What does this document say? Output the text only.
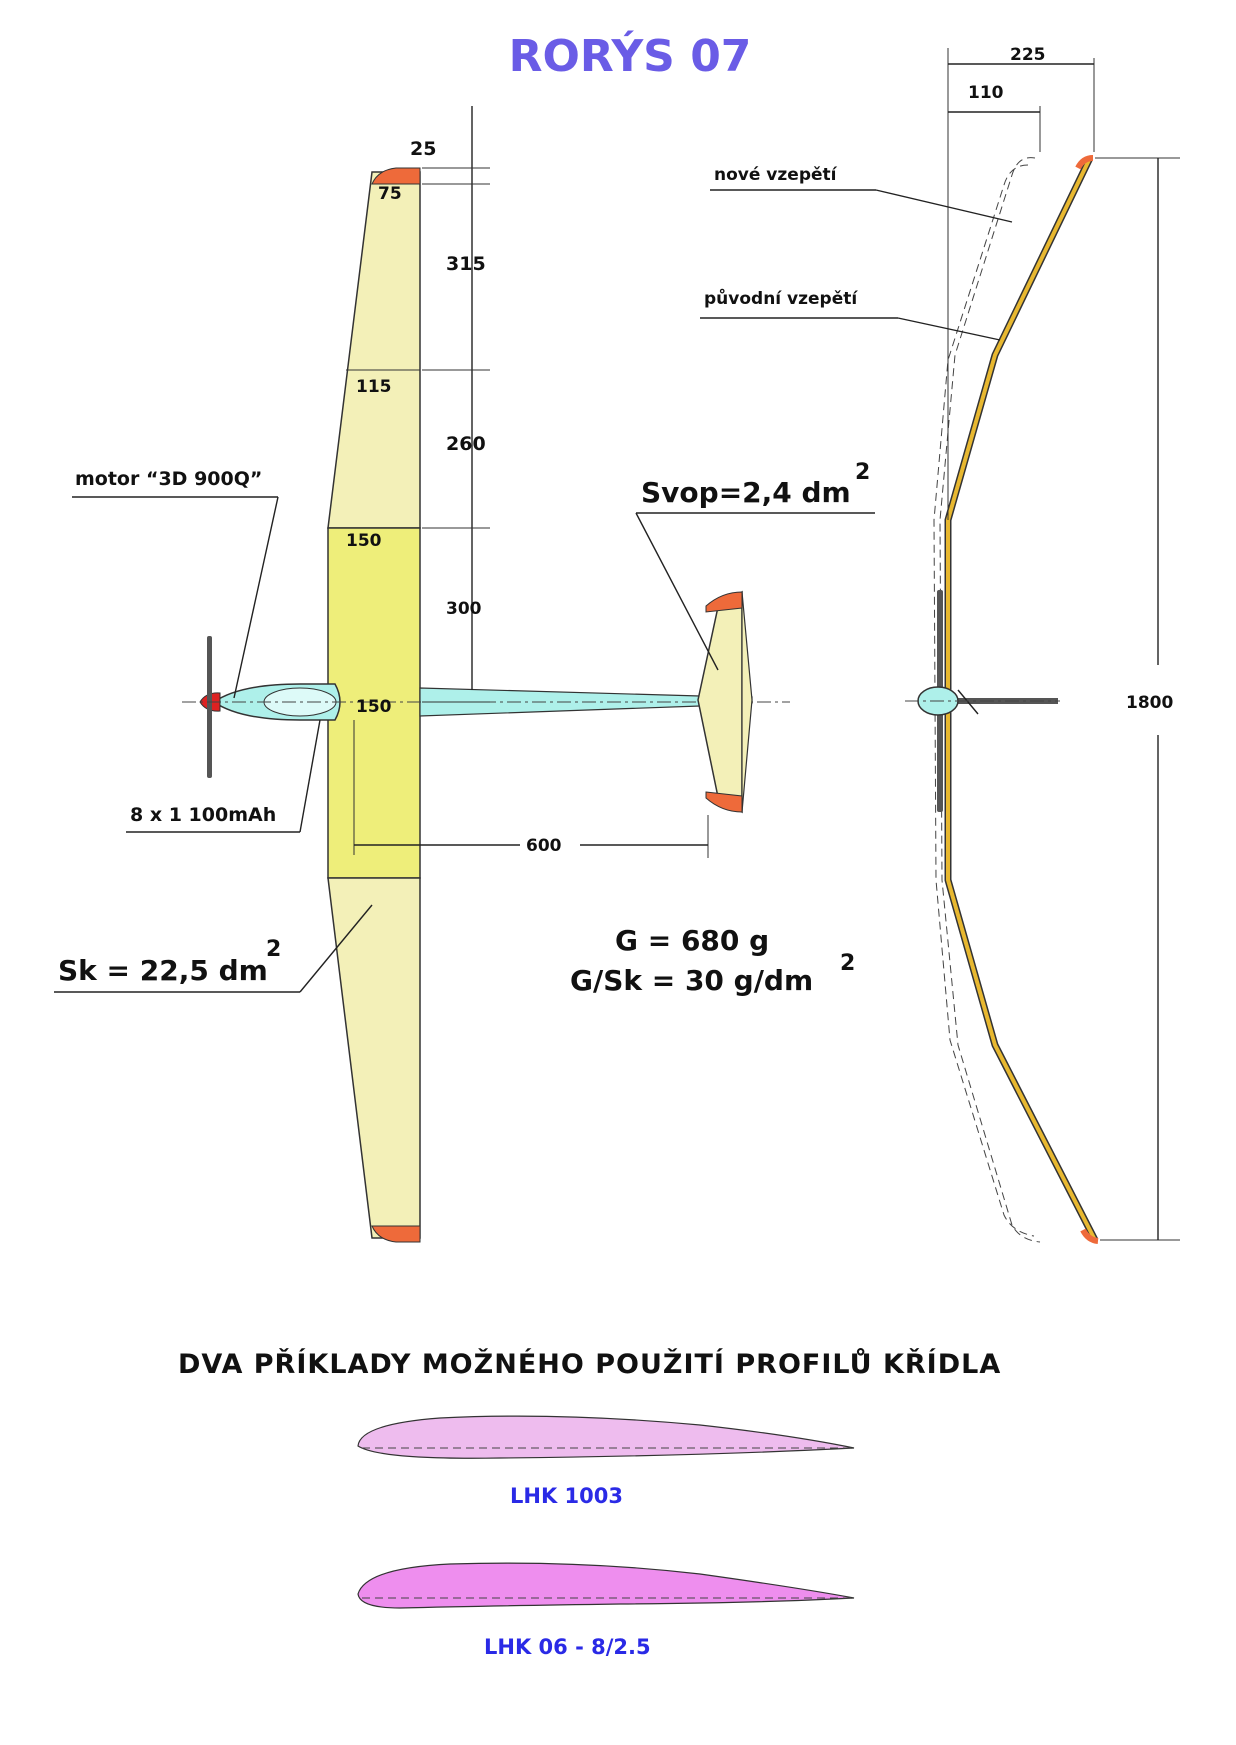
RORÝS 07
25
75
315
115
260
150
300
150
600
motor “3D 900Q”
8 x 1 100mAh
Svop=2,4 dm
2
Sk = 22,5 dm
2	G = 680 g
G/Sk = 30 g/dm
2
110
225
1800
nové vzepětí
původní vzepětí
DVA PŘÍKLADY MOŽNÉHO POUŽITÍ PROFILŮ KŘÍDLA
LHK 1003
LHK 06 - 8/2.5
